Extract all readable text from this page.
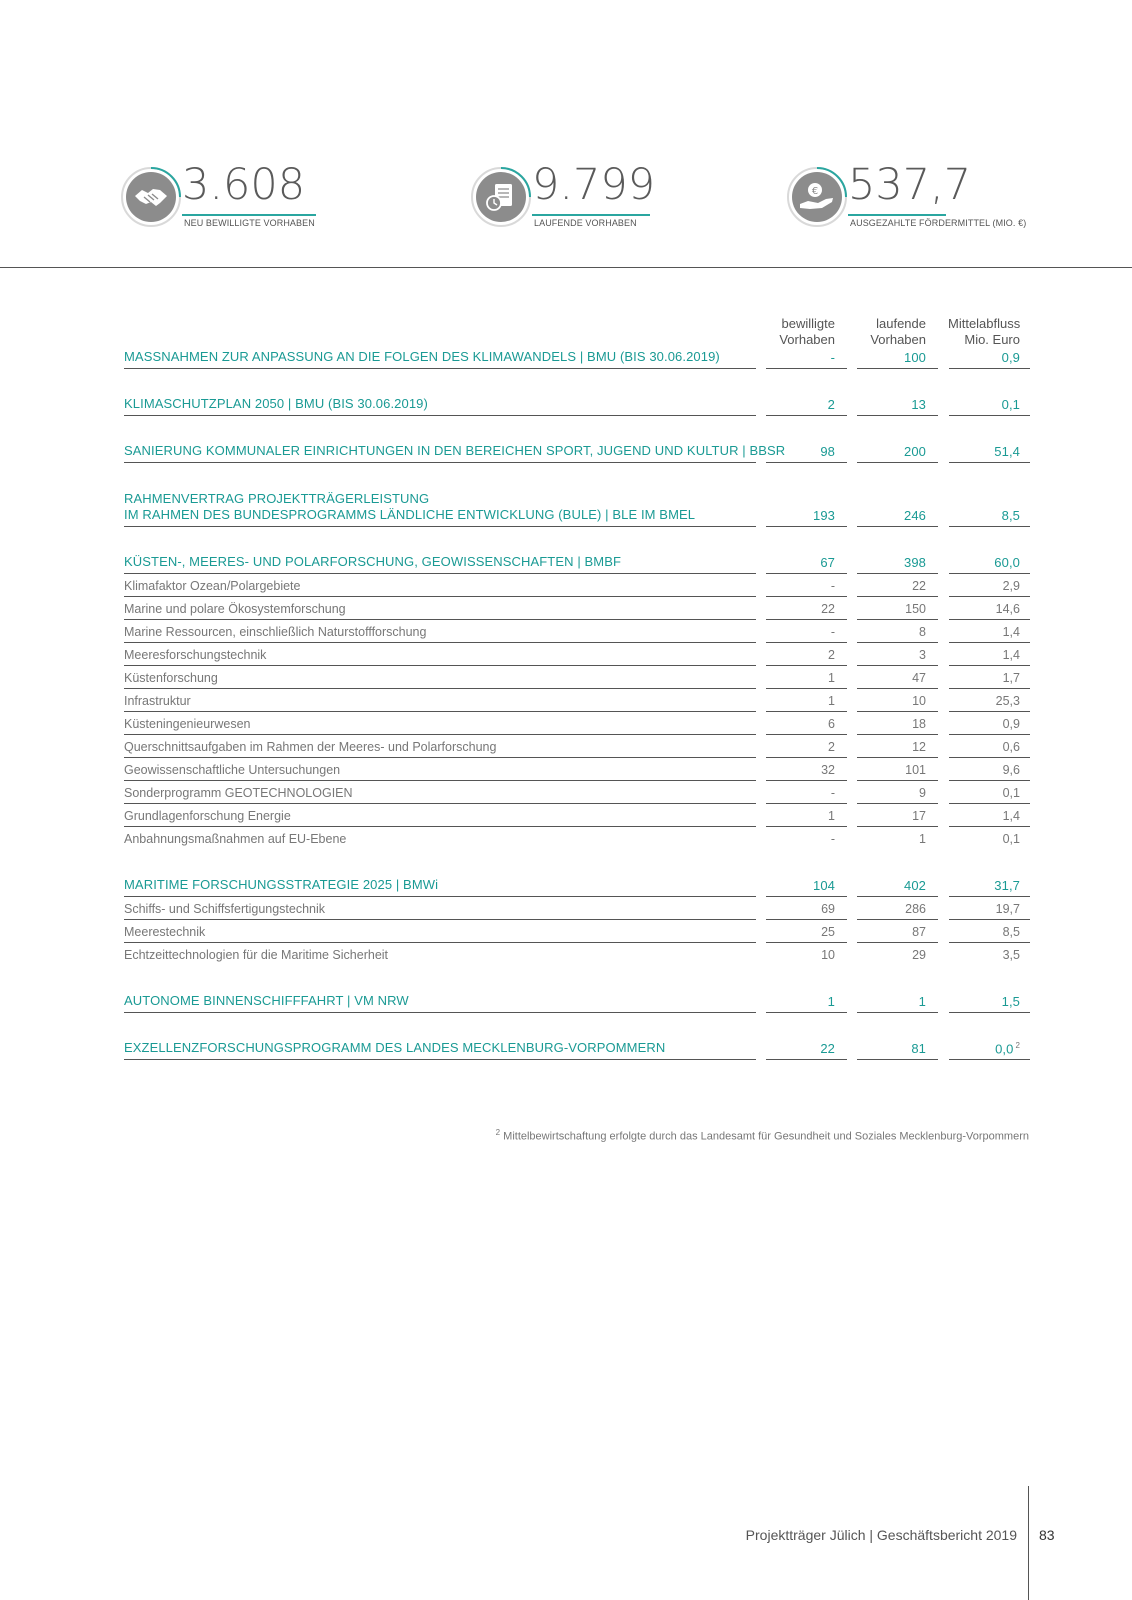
3.608
NEU BEWILLIGTE VORHABEN
9.799
LAUFENDE VORHABEN
€ 537,7
AUSGEZAHLTE FÖRDERMITTEL (MIO. €)
bewilligte
Vorhaben
laufende
Vorhaben
Mittelabfluss
Mio. Euro
MASSNAHMEN ZUR ANPASSUNG AN DIE FOLGEN DES KLIMAWANDELS | BMU (BIS 30.06.2019)	-	100	0,9
KLIMASCHUTZPLAN 2050 | BMU (BIS 30.06.2019)	2	13	0,1
SANIERUNG KOMMUNALER EINRICHTUNGEN IN DEN BEREICHEN SPORT, JUGEND UND KULTUR | BBSR	98	200	51,4
RAHMENVERTRAG PROJEKTTRÄGERLEISTUNG
IM RAHMEN DES BUNDESPROGRAMMS LÄNDLICHE ENTWICKLUNG (BULE) | BLE IM BMEL	193	246	8,5
KÜSTEN-, MEERES- UND POLARFORSCHUNG, GEOWISSENSCHAFTEN | BMBF	67	398	60,0
Klimafaktor Ozean/Polargebiete	-	22	2,9
Marine und polare Ökosystemforschung	22	150	14,6
Marine Ressourcen, einschließlich Naturstoffforschung	-	8	1,4
Meeresforschungstechnik	2	3	1,4
Küstenforschung	1	47	1,7
Infrastruktur	1	10	25,3
Küsteningenieurwesen	6	18	0,9
Querschnittsaufgaben im Rahmen der Meeres- und Polarforschung	2	12	0,6
Geowissenschaftliche Untersuchungen	32	101	9,6
Sonderprogramm GEOTECHNOLOGIEN	-	9	0,1
Grundlagenforschung Energie	1	17	1,4
Anbahnungsmaßnahmen auf EU-Ebene	-	1	0,1
MARITIME FORSCHUNGSSTRATEGIE 2025 | BMWi	104	402	31,7
Schiffs- und Schiffsfertigungstechnik	69	286	19,7
Meerestechnik	25	87	8,5
Echtzeittechnologien für die Maritime Sicherheit	10	29	3,5
AUTONOME BINNENSCHIFFFAHRT | VM NRW	1	1	1,5
EXZELLENZFORSCHUNGSPROGRAMM DES LANDES MECKLENBURG-VORPOMMERN	22	81	0,0 $^2$
$^2$ Mittelbewirtschaftung erfolgte durch das Landesamt für Gesundheit und Soziales Mecklenburg-Vorpommern
Projektträger Jülich | Geschäftsbericht 2019 83
